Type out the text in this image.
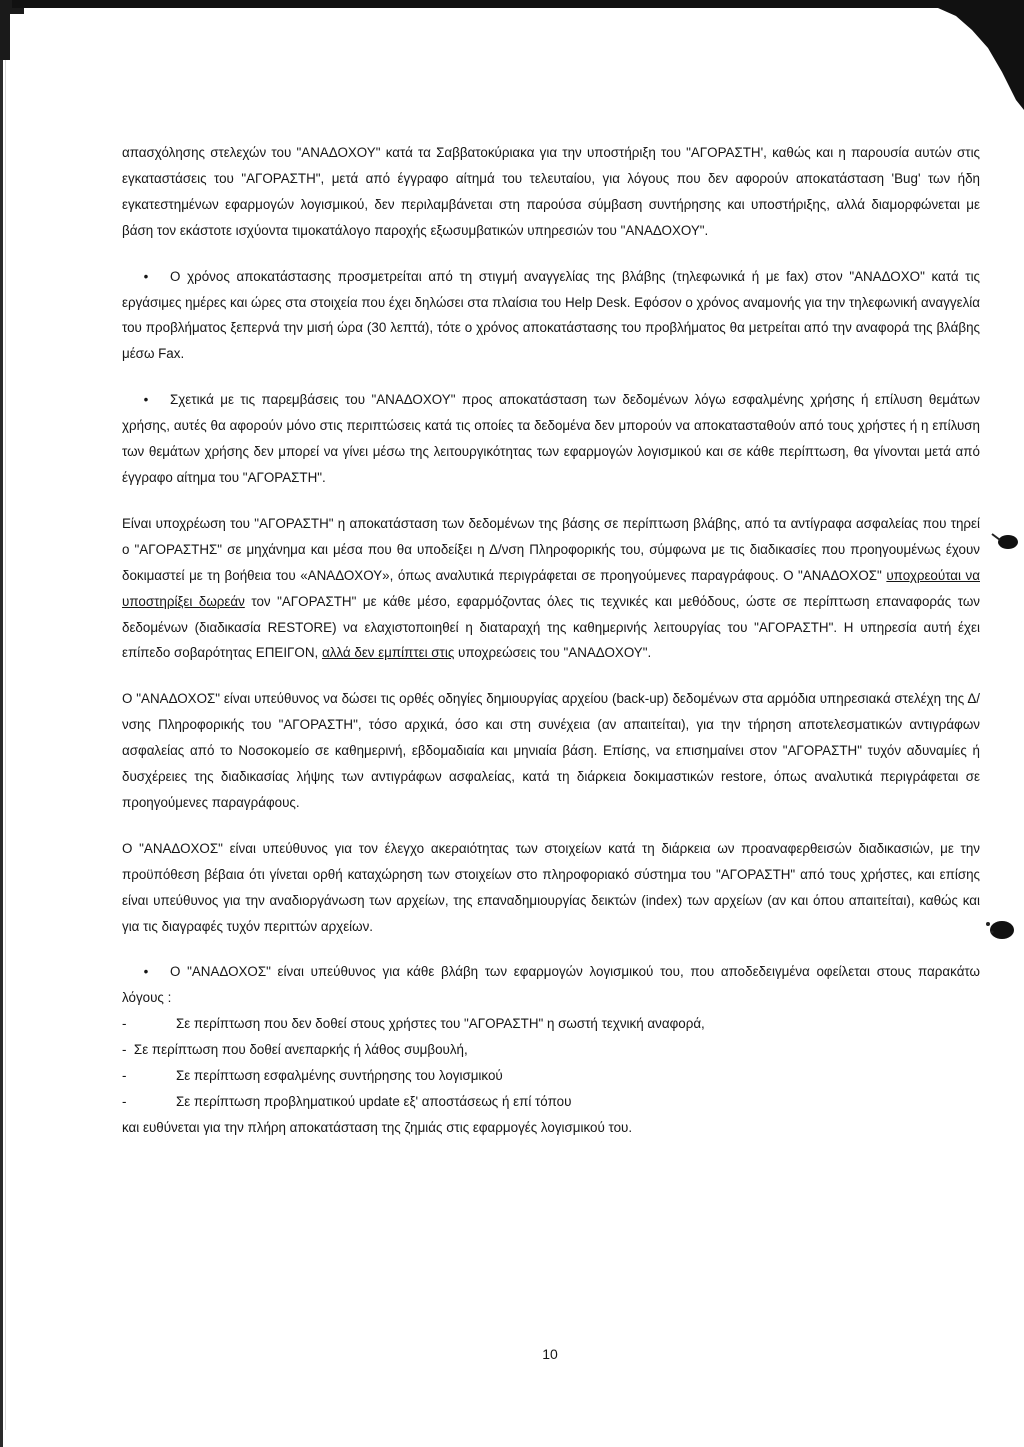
απασχόλησης στελεχών του "ΑΝΑΔΟΧΟΥ" κατά τα Σαββατοκύριακα για την υποστήριξη του "ΑΓΟΡΑΣΤΗ', καθώς και η παρουσία αυτών στις εγκαταστάσεις του "ΑΓΟΡΑΣΤΗ", μετά από έγγραφο αίτημά του τελευταίου, για λόγους που δεν αφορούν αποκατάσταση 'Bug' των ήδη εγκατεστημένων εφαρμογών λογισμικού, δεν περιλαμβάνεται στη παρούσα σύμβαση συντήρησης και υποστήριξης, αλλά διαμορφώνεται με βάση τον εκάστοτε ισχύοντα τιμοκατάλογο παροχής εξωσυμβατικών υπηρεσιών του "ΑΝΑΔΟΧΟΥ".

• Ο χρόνος αποκατάστασης προσμετρείται από τη στιγμή αναγγελίας της βλάβης (τηλεφωνικά ή με fax) στον "ΑΝΑΔΟΧΟ" κατά τις εργάσιμες ημέρες και ώρες στα στοιχεία που έχει δηλώσει στα πλαίσια του Help Desk. Εφόσον ο χρόνος αναμονής για την τηλεφωνική αναγγελία του προβλήματος ξεπερνά την μισή ώρα (30 λεπτά), τότε ο χρόνος αποκατάστασης του προβλήματος θα μετρείται από την αναφορά της βλάβης μέσω Fax.

• Σχετικά με τις παρεμβάσεις του "ΑΝΑΔΟΧΟΥ" προς αποκατάσταση των δεδομένων λόγω εσφαλμένης χρήσης ή επίλυση θεμάτων χρήσης, αυτές θα αφορούν μόνο στις περιπτώσεις κατά τις οποίες τα δεδομένα δεν μπορούν να αποκατασταθούν από τους χρήστες ή η επίλυση των θεμάτων χρήσης δεν μπορεί να γίνει μέσω της λειτουργικότητας των εφαρμογών λογισμικού και σε κάθε περίπτωση, θα γίνονται μετά από έγγραφο αίτημα του "ΑΓΟΡΑΣΤΗ".

Είναι υποχρέωση του "ΑΓΟΡΑΣΤΗ" η αποκατάσταση των δεδομένων της βάσης σε περίπτωση βλάβης, από τα αντίγραφα ασφαλείας που τηρεί ο "ΑΓΟΡΑΣΤΗΣ" σε μηχάνημα και μέσα που θα υποδείξει η Δ/νση Πληροφορικής του, σύμφωνα με τις διαδικασίες που προηγουμένως έχουν δοκιμαστεί με τη βοήθεια του «ΑΝΑΔΟΧΟΥ», όπως αναλυτικά περιγράφεται σε προηγούμενες παραγράφους. Ο "ΑΝΑΔΟΧΟΣ" υποχρεούται να υποστηρίξει δωρεάν τον "ΑΓΟΡΑΣΤΗ" με κάθε μέσο, εφαρμόζοντας όλες τις τεχνικές και μεθόδους, ώστε σε περίπτωση επαναφοράς των δεδομένων (διαδικασία RESTORE) να ελαχιστοποιηθεί η διαταραχή της καθημερινής λειτουργίας του "ΑΓΟΡΑΣΤΗ". Η υπηρεσία αυτή έχει επίπεδο σοβαρότητας ΕΠΕΙΓΟΝ, αλλά δεν εμπίπτει στις υποχρεώσεις του "ΑΝΑΔΟΧΟΥ".

Ο "ΑΝΑΔΟΧΟΣ" είναι υπεύθυνος να δώσει τις ορθές οδηγίες δημιουργίας αρχείου (back-up) δεδομένων στα αρμόδια υπηρεσιακά στελέχη της Δ/νσης Πληροφορικής του "ΑΓΟΡΑΣΤΗ", τόσο αρχικά, όσο και στη συνέχεια (αν απαιτείται), για την τήρηση αποτελεσματικών αντιγράφων ασφαλείας από το Νοσοκομείο σε καθημερινή, εβδομαδιαία και μηνιαία βάση. Επίσης, να επισημαίνει στον "ΑΓΟΡΑΣΤΗ" τυχόν αδυναμίες ή δυσχέρειες της διαδικασίας λήψης των αντιγράφων ασφαλείας, κατά τη διάρκεια δοκιμαστικών restore, όπως αναλυτικά περιγράφεται σε προηγούμενες παραγράφους.

Ο "ΑΝΑΔΟΧΟΣ" είναι υπεύθυνος για τον έλεγχο ακεραιότητας των στοιχείων κατά τη διάρκεια ων προαναφερθεισών διαδικασιών, με την προϋπόθεση βέβαια ότι γίνεται ορθή καταχώρηση των στοιχείων στο πληροφοριακό σύστημα του "ΑΓΟΡΑΣΤΗ" από τους χρήστες, και επίσης είναι υπεύθυνος για την αναδιοργάνωση των αρχείων, της επαναδημιουργίας δεικτών (index) των αρχείων (αν και όπου απαιτείται), καθώς και για τις διαγραφές τυχόν περιττών αρχείων.

• Ο "ΑΝΑΔΟΧΟΣ" είναι υπεύθυνος για κάθε βλάβη των εφαρμογών λογισμικού του, που αποδεδειγμένα οφείλεται στους παρακάτω λόγους :

-	Σε περίπτωση που δεν δοθεί στους χρήστες του "ΑΓΟΡΑΣΤΗ" η σωστή τεχνική αναφορά,
-  Σε περίπτωση που δοθεί ανεπαρκής ή λάθος συμβουλή,
-	Σε περίπτωση εσφαλμένης συντήρησης του λογισμικού
-	Σε περίπτωση προβληματικού update εξ' αποστάσεως ή επί τόπου

και ευθύνεται για την πλήρη αποκατάσταση της ζημιάς στις εφαρμογές λογισμικού του.

10
